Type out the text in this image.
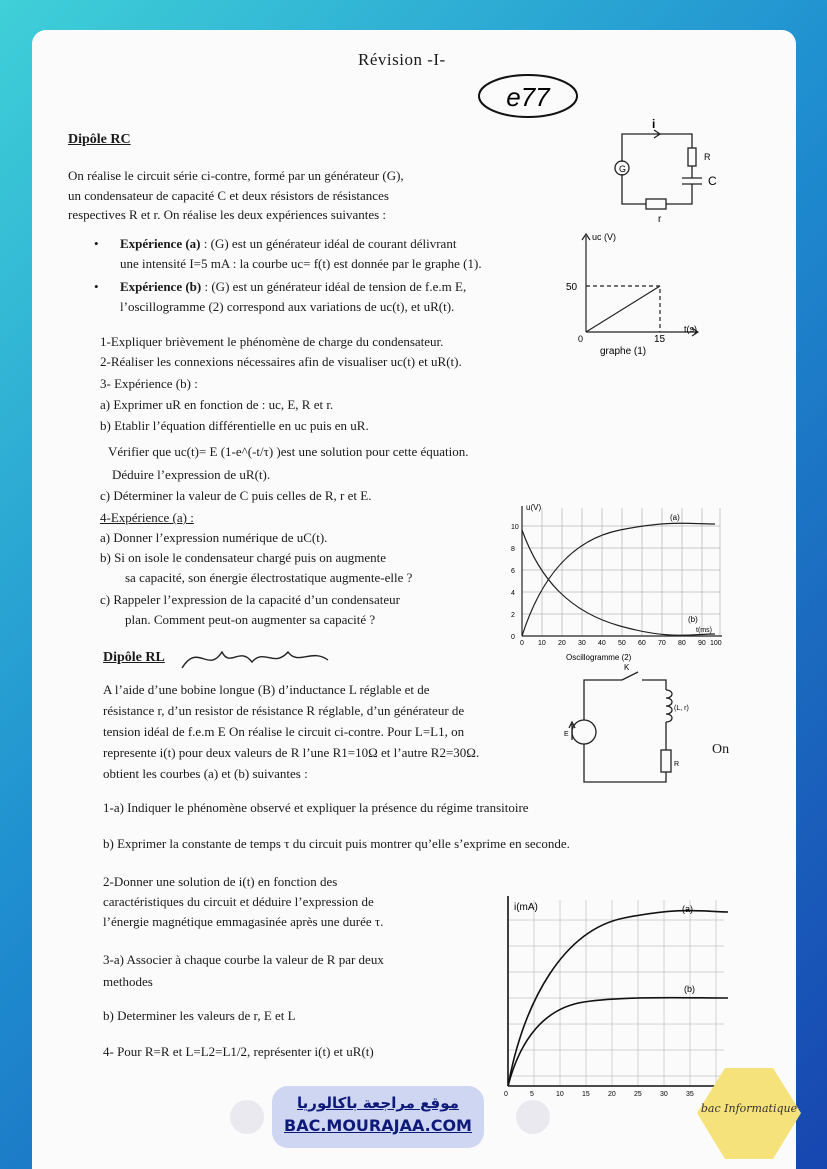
Révision -I-

e77

Dipôle RC

On réalise le circuit série ci-contre, formé par un générateur (G),

un condensateur de capacité C et deux résistors de résistances

respectives R et r. On réalise les deux expériences suivantes :

• Expérience (a) : (G) est un générateur idéal de courant délivrant

une intensité I=5 mA : la courbe uc= f(t) est donnée par le graphe (1).

• Expérience (b) : (G) est un générateur idéal de tension de f.e.m E,

l’oscillogramme (2) correspond aux variations de uc(t), et uR(t).

1-Expliquer brièvement le phénomène de charge du condensateur.

2-Réaliser les connexions nécessaires afin de visualiser uc(t) et uR(t).

3- Expérience (b) :

a) Exprimer uR en fonction de : uc, E, R et r.

b) Etablir l’équation différentielle en uc puis en uR.

Vérifier que uc(t)= E (1-e^(-t/τ) )est une solution pour cette équation.

Déduire l’expression de uR(t).

c) Déterminer la valeur de C puis celles de R, r et E.

4-Expérience (a) :

a) Donner l’expression numérique de uC(t).

b) Si on isole le condensateur chargé puis on augmente

sa capacité, son énergie électrostatique augmente-elle ?

c) Rappeler l’expression de la capacité d’un condensateur

plan. Comment peut-on augmenter sa capacité ?

G
i
R
C
r
uc (V)
50
0	15
t(s)
graphe (1)
u(V)
10
8
6
4
2
0
0 10 20 30 40 50 60 70 80 90 100
t(ms)
(a)
(b)
Oscillogramme (2)

Dipôle RL

A l’aide d’une bobine longue (B) d’inductance L réglable et de

résistance r, d’un resistor de résistance R réglable, d’un générateur de

tension idéal de f.e.m E On réalise le circuit ci-contre. Pour L=L1, on

represente i(t) pour deux valeurs de R l’une R1=10Ω et l’autre R2=30Ω.

obtient les courbes (a) et (b) suivantes :

K
(L, r)
E
R

On

1-a) Indiquer le phénomène observé et expliquer la présence du régime transitoire

b) Exprimer la constante de temps τ du circuit puis montrer qu’elle s’exprime en seconde.

2-Donner une solution de i(t) en fonction des

caractéristiques du circuit et déduire l’expression de

l’énergie magnétique emmagasinée après une durée τ.

3-a) Associer à chaque courbe la valeur de R par deux

methodes

b) Determiner les valeurs de r, E et L

4- Pour R=R et L=L2=L1/2, représenter i(t) et uR(t)

i(mA)	(a)
(b)
0	5	10	15	20	25	30	35
موقع مراجعة باكالوريا
BAC.MOURAJAA.COM
bac Informatique
